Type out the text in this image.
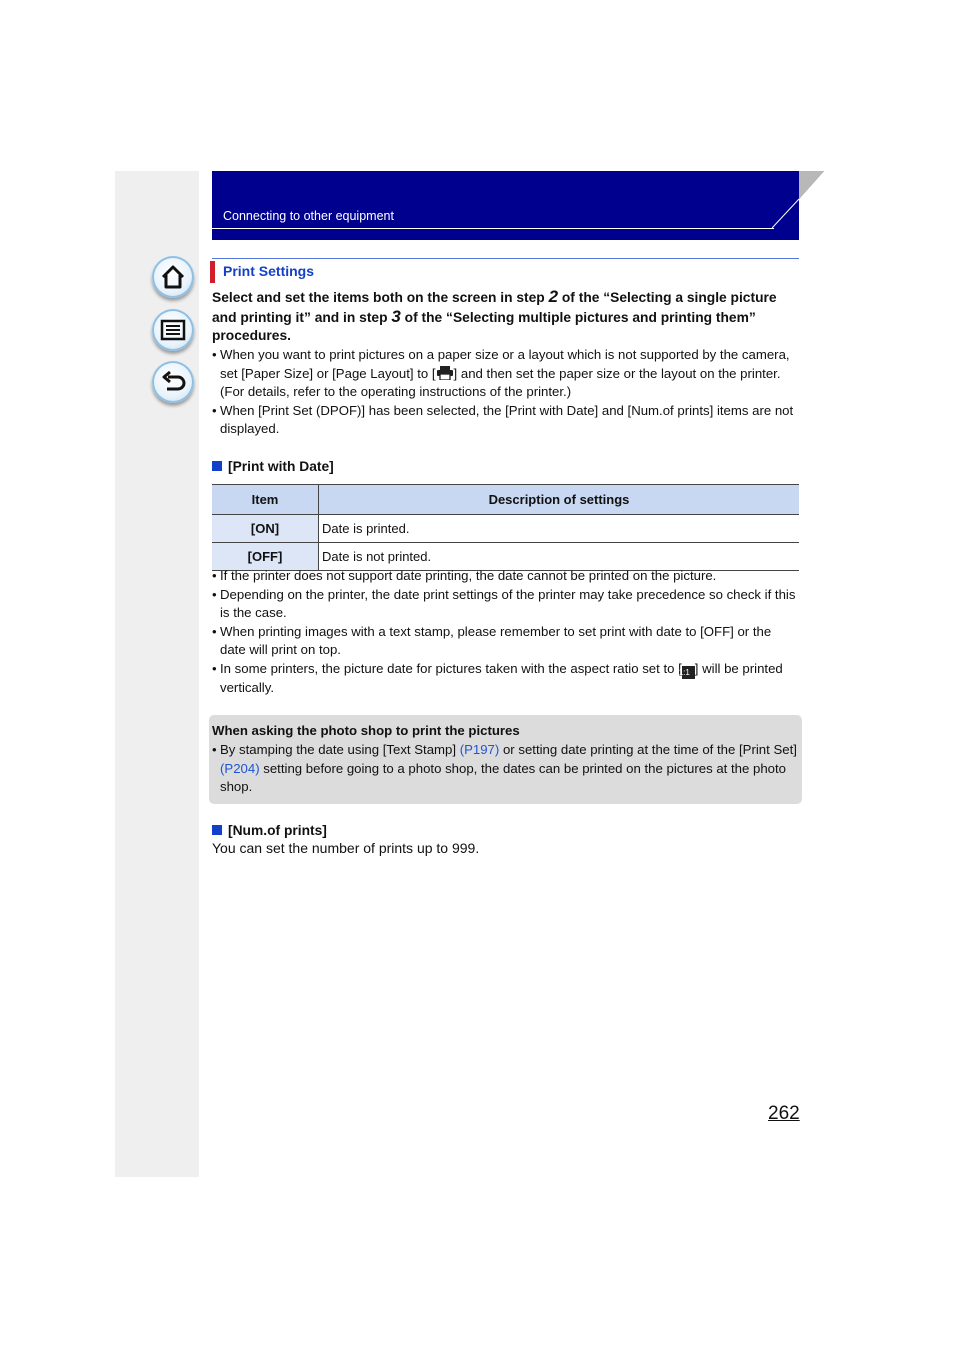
Connecting to other equipment
Print Settings
Select and set the items both on the screen in step 2 of the “Selecting a single picture and printing it” and in step 3 of the “Selecting multiple pictures and printing them” procedures.

• When you want to print pictures on a paper size or a layout which is not supported by the camera, set [Paper Size] or [Page Layout] to [ ] and then set the paper size or the layout on the printer. (For details, refer to the operating instructions of the printer.)

• When [Print Set (DPOF)] has been selected, the [Print with Date] and [Num.of prints] items are not displayed.

[Print with Date]
Item	Description of settings
[ON]	Date is printed.
[OFF]	Date is not printed.

• If the printer does not support date printing, the date cannot be printed on the picture.

• Depending on the printer, the date print settings of the printer may take precedence so check if this is the case.

• When printing images with a text stamp, please remember to set print with date to [OFF] or the date will print on top.

• In some printers, the picture date for pictures taken with the aspect ratio set to [1:1 ] will be printed vertically.

When asking the photo shop to print the pictures

• By stamping the date using [Text Stamp] (P197) or setting date printing at the time of the [Print Set] (P204) setting before going to a photo shop, the dates can be printed on the pictures at the photo shop.

[Num.of prints]
You can set the number of prints up to 999.
262
